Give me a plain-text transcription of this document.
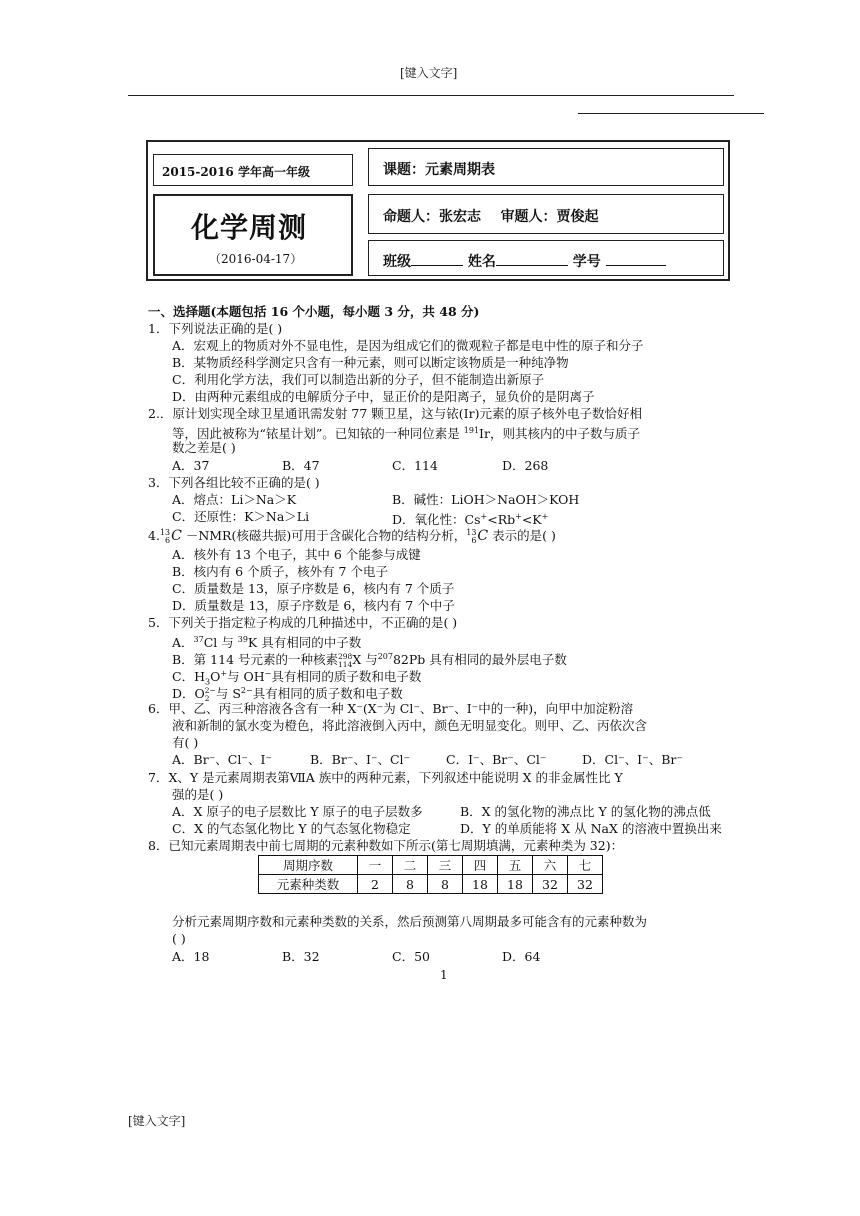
[键入文字]
2015-2016 学年高一年级
化学周测
（2016-04-17）
课题：元素周期表
命题人：张宏志    审题人：贾俊起
班级	姓名	学号
一、选择题(本题包括 16 个小题，每小题 3 分，共 48 分)
1．下列说法正确的是( )
A．宏观上的物质对外不显电性，是因为组成它们的微观粒子都是电中性的原子和分子
B．某物质经科学测定只含有一种元素，则可以断定该物质是一种纯净物
C．利用化学方法，我们可以制造出新的分子，但不能制造出新原子
D．由两种元素组成的电解质分子中，显正价的是阳离子，显负价的是阴离子
2.．原计划实现全球卫星通讯需发射 77 颗卫星，这与铱(Ir)元素的原子核外电子数恰好相
等，因此被称为“铱星计划”。已知铱的一种同位素是 $^{191}$Ir，则其核内的中子数与质子
数之差是( )
A．37	B．47	C．114	D．268
3．下列各组比较不正确的是( )
A．熔点：Li＞Na＞K	B．碱性：LiOH＞NaOH＞KOH
C．还原性：K＞Na＞Li	D．氧化性：Cs+<Rb+<K+
4.13
6C －NMR(核磁共振)可用于含碳化合物的结构分析，13
6C 表示的是( )
A．核外有 13 个电子，其中 6 个能参与成键
B．核内有 6 个质子，核外有 7 个电子
C．质量数是 13，原子序数是 6，核内有 7 个质子
D．质量数是 13，原子序数是 6，核内有 7 个中子
5．下列关于指定粒子构成的几种描述中，不正确的是( )
A．$^{37}$Cl 与 $^{39}$K 具有相同的中子数
B．第 114 号元素的一种核素298
114X 与$^{207}$82Pb 具有相同的最外层电子数
C．$H_3O^+$与 OH−具有相同的质子数和电子数
D．O2−
2 与 $S^{2-}$具有相同的质子数和电子数
6．甲、乙、丙三种溶液各含有一种 X⁻(X⁻为 Cl⁻、Br⁻、I⁻中的一种)，向甲中加淀粉溶
液和新制的氯水变为橙色，将此溶液倒入丙中，颜色无明显变化。则甲、乙、丙依次含
有( )
A．Br⁻、Cl⁻、I⁻	B．Br⁻、I⁻、Cl⁻	C．I⁻、Br⁻、Cl⁻	D．Cl⁻、I⁻、Br⁻
7．X、Y 是元素周期表第ⅦA 族中的两种元素，下列叙述中能说明 X 的非金属性比 Y
强的是( )
A．X 原子的电子层数比 Y 原子的电子层数多	B．X 的氢化物的沸点比 Y 的氢化物的沸点低
C．X 的气态氢化物比 Y 的气态氢化物稳定	D．Y 的单质能将 X 从 NaX 的溶液中置换出来
8．已知元素周期表中前七周期的元素种数如下所示(第七周期填满，元素种类为 32)：
周期序数	一	二	三	四	五	六	七
元素种类数	2	8	8	18	18	32	32
分析元素周期序数和元素种类数的关系，然后预测第八周期最多可能含有的元素种数为
( )
A．18	B．32	C．50	D．64
1
[键入文字]
